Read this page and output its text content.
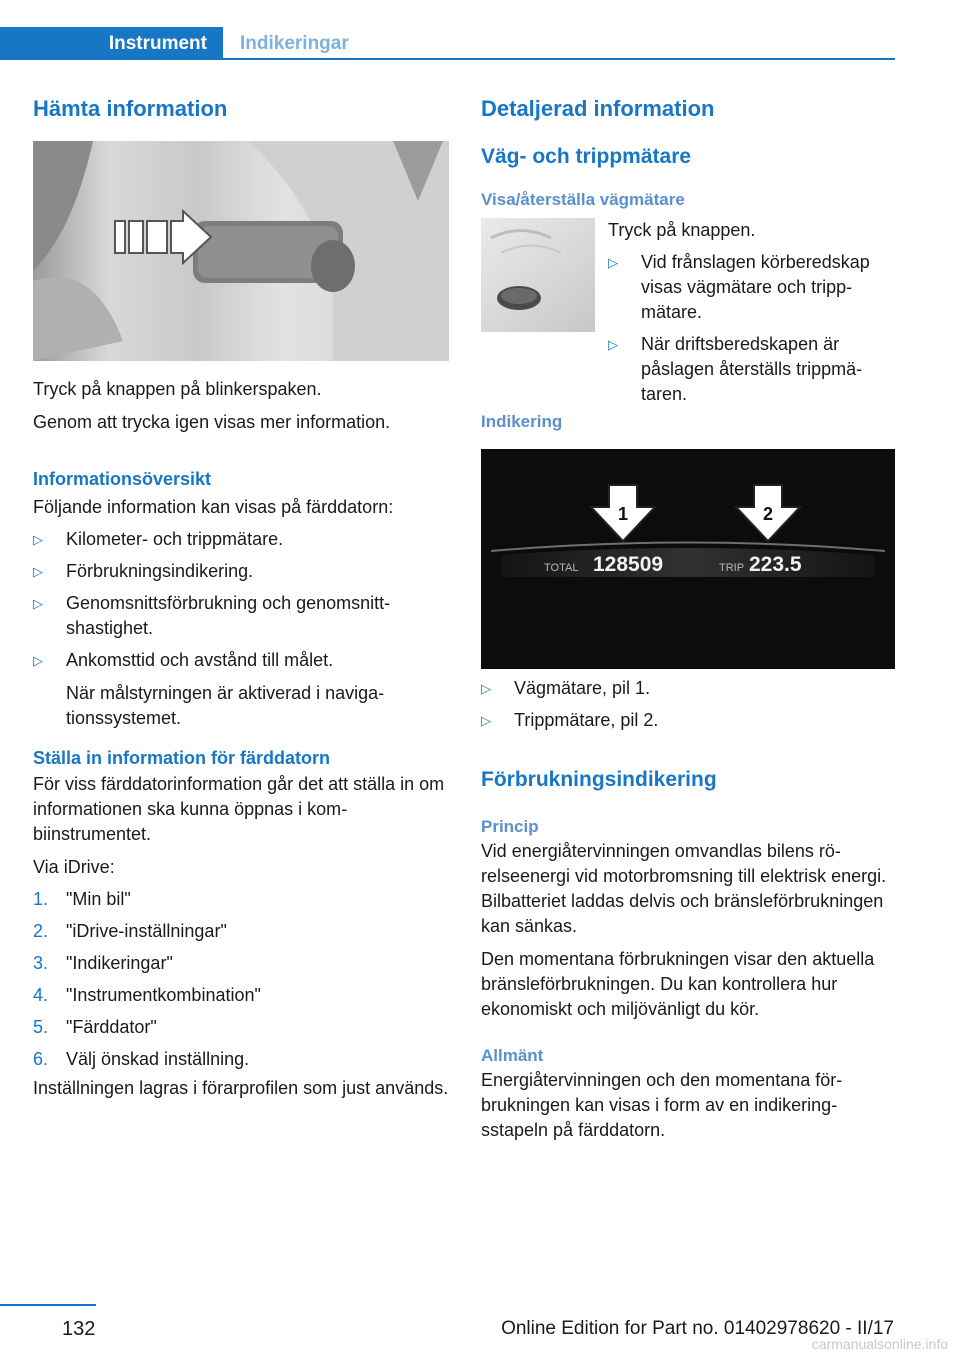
Instrument Indikeringar
Hämta information

Tryck på knappen på blinkerspaken.

Genom att trycka igen visas mer information.

Informationsöversikt

Följande information kan visas på färddatorn:

▷ Kilometer- och trippmätare.
▷ Förbrukningsindikering.
▷ Genomsnittsförbrukning och genomsnittshastighet.
▷ Ankomsttid och avstånd till målet.
När målstyrningen är aktiverad i navigationssystemet.
Ställa in information för färddatorn

För viss färddatorinformation går det att ställa in om informationen ska kunna öppnas i kombiinstrumentet.

Via iDrive:

1. "Min bil"
2. "iDrive-inställningar"
3. "Indikeringar"
4. "Instrumentkombination"
5. "Färddator"
6. Välj önskad inställning.

Inställningen lagras i förarprofilen som just används.

Detaljerad information
Väg- och trippmätare
Visa/återställa vägmätare

Tryck på knappen.

▷ Vid frånslagen körberedskap visas vägmätare och trippmätare.
▷ När driftsberedskapen är påslagen återställs trippmätaren.
Indikering
1	2
TOTAL 128509	TRIP 223.5
▷ Vägmätare, pil 1.
▷ Trippmätare, pil 2.
Förbrukningsindikering
Princip

Vid energiåtervinningen omvandlas bilens rörelseenergi vid motorbromsning till elektrisk energi. Bilbatteriet laddas delvis och bränsleförbrukningen kan sänkas.

Den momentana förbrukningen visar den aktuella bränsleförbrukningen. Du kan kontrollera hur ekonomiskt och miljövänligt du kör.

Allmänt

Energiåtervinningen och den momentana förbrukningen kan visas i form av en indikeringsstapeln på färddatorn.

132	Online Edition for Part no. 01402978620 - II/17
carmanualsonline.info
